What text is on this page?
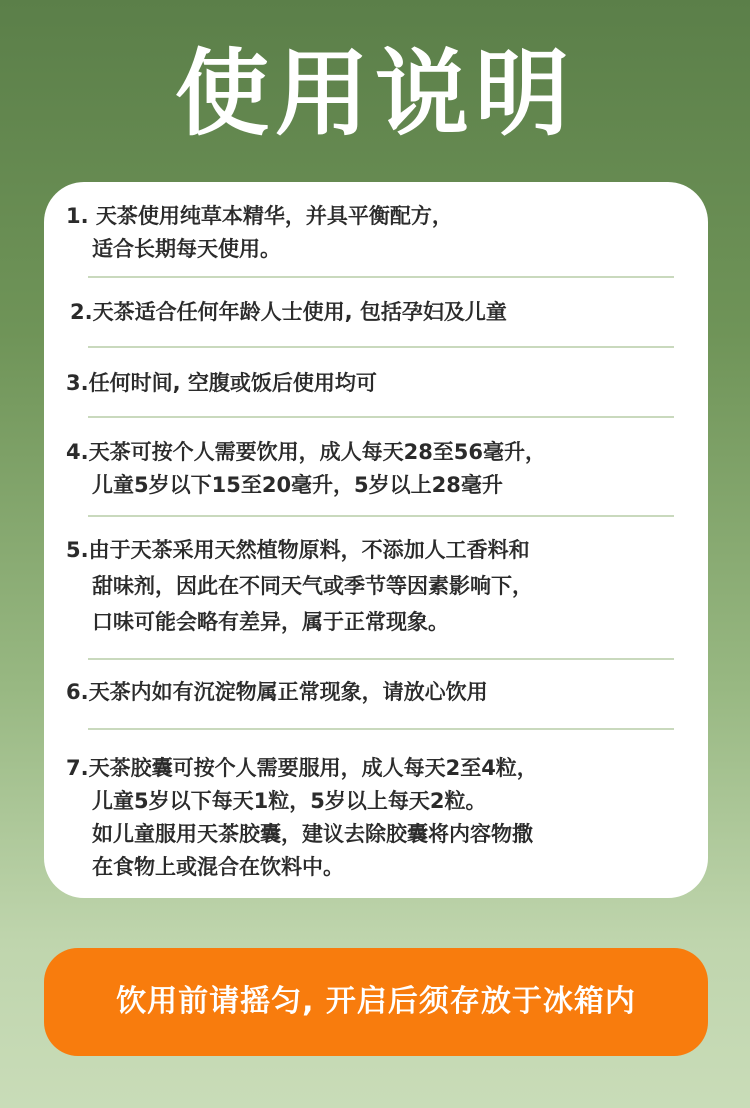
使用说明
1. 天茶使用纯草本精华，并具平衡配方，
适合长期每天使用。
2.天茶适合任何年龄人士使用, 包括孕妇及儿童
3.任何时间, 空腹或饭后使用均可
4.天茶可按个人需要饮用，成人每天28至56毫升，
儿童5岁以下15至20毫升，5岁以上28毫升
5.由于天茶采用天然植物原料，不添加人工香料和
甜味剂，因此在不同天气或季节等因素影响下，
口味可能会略有差异，属于正常现象。
6.天茶内如有沉淀物属正常现象，请放心饮用
7.天茶胶囊可按个人需要服用，成人每天2至4粒，
儿童5岁以下每天1粒，5岁以上每天2粒。
如儿童服用天茶胶囊，建议去除胶囊将内容物撒
在食物上或混合在饮料中。
饮用前请摇匀, 开启后须存放于冰箱内
